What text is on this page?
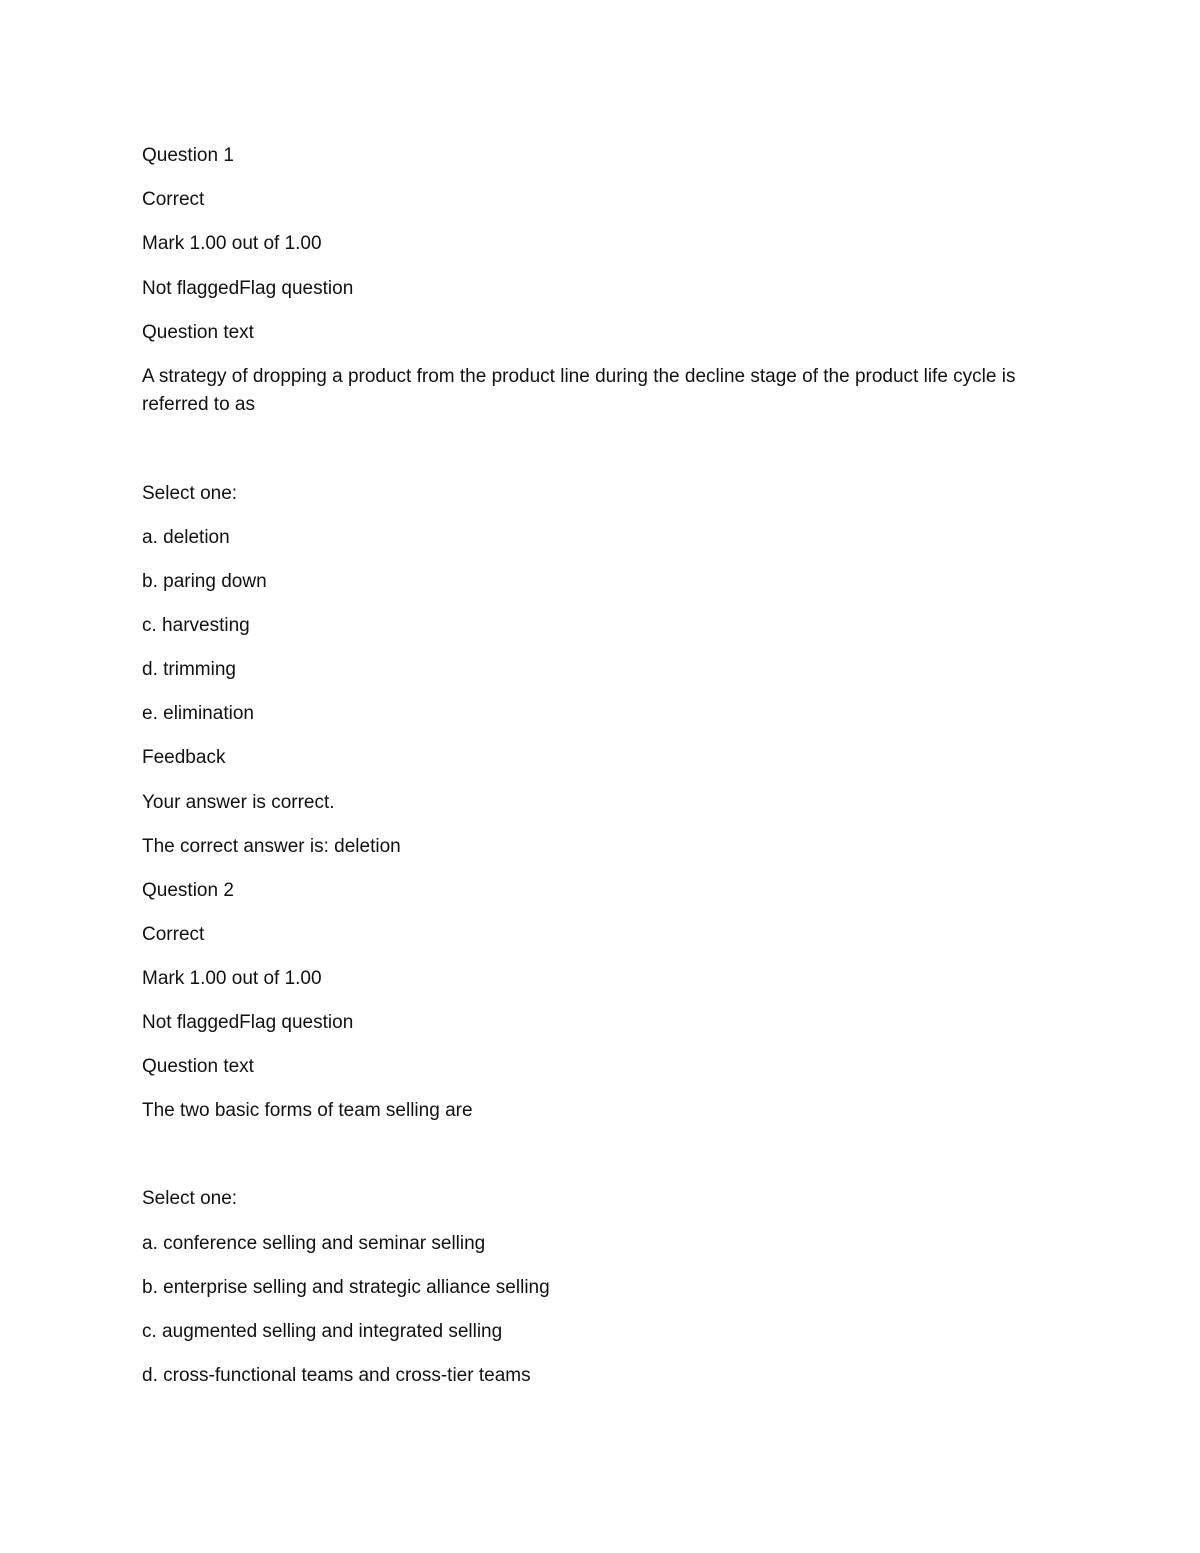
Question 1

Correct

Mark 1.00 out of 1.00

Not flaggedFlag question

Question text

A strategy of dropping a product from the product line during the decline stage of the product life cycle is referred to as

Select one:

a. deletion

b. paring down

c. harvesting

d. trimming

e. elimination

Feedback

Your answer is correct.

The correct answer is: deletion

Question 2

Correct

Mark 1.00 out of 1.00

Not flaggedFlag question

Question text

The two basic forms of team selling are

Select one:

a. conference selling and seminar selling

b. enterprise selling and strategic alliance selling

c. augmented selling and integrated selling

d. cross-functional teams and cross-tier teams
